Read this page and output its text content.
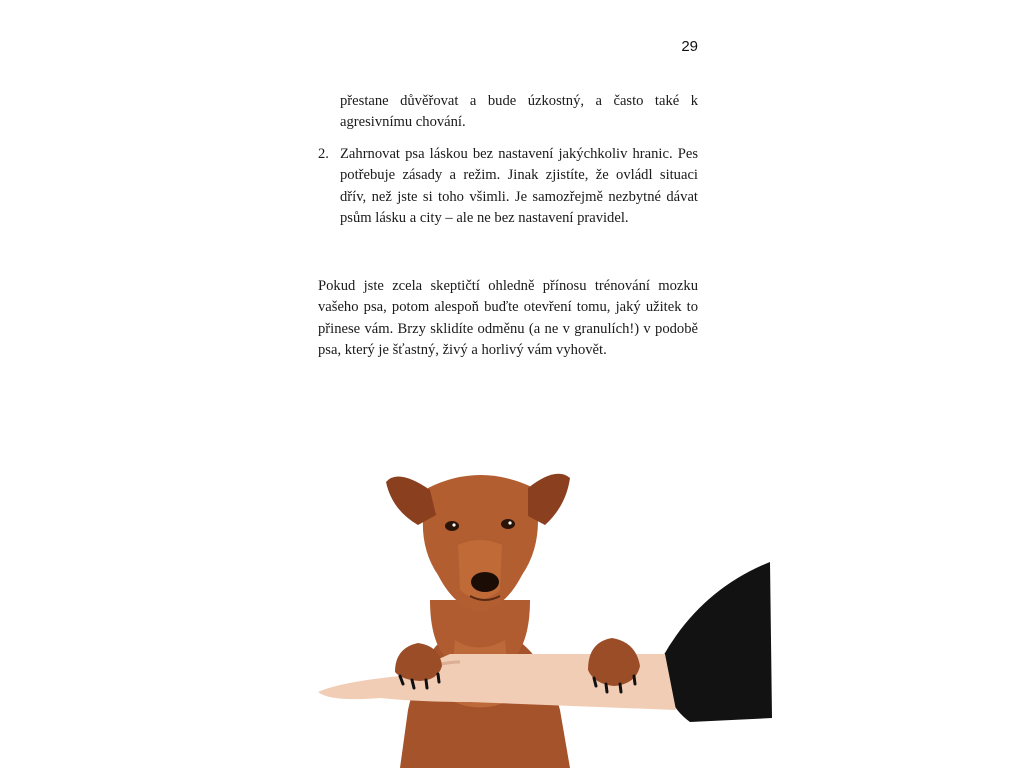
29

přestane důvěřovat a bude úzkostný, a často také k agresivnímu chování.

2. Zahrnovat psa láskou bez nastavení jakýchkoliv hranic. Pes potřebuje zásady a režim. Jinak zjistíte, že ovládl situaci dřív, než jste si toho všimli. Je samozřejmě nezbytné dávat psům lásku a city – ale ne bez nastavení pravidel.

Pokud jste zcela skeptičtí ohledně přínosu trénování mozku vašeho psa, potom alespoň buďte otevření tomu, jaký užitek to přinese vám. Brzy sklidíte odměnu (a ne v granulích!) v podobě psa, který je šťastný, živý a horlivý vám vyhovět.
